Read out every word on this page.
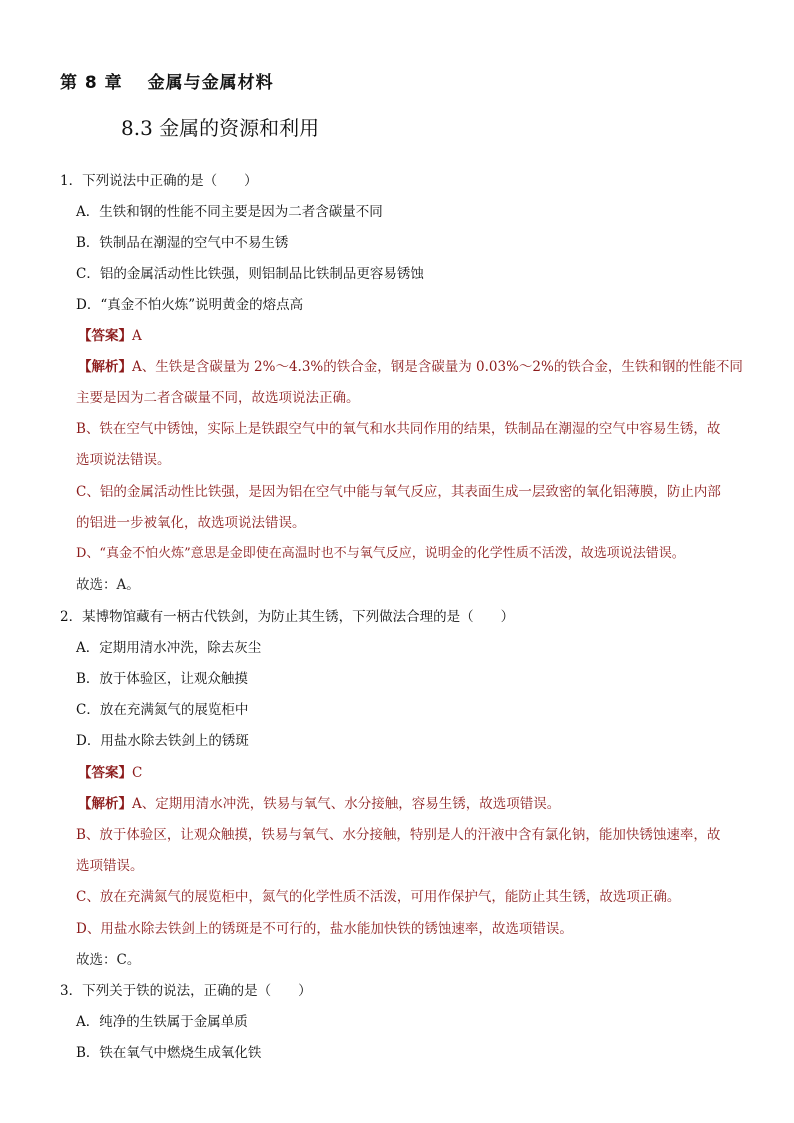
第 8 章　 金属与金属材料
8.3 金属的资源和利用
1．下列说法中正确的是（　　）
A．生铁和钢的性能不同主要是因为二者含碳量不同
B．铁制品在潮湿的空气中不易生锈
C．铝的金属活动性比铁强，则铝制品比铁制品更容易锈蚀
D．“真金不怕火炼”说明黄金的熔点高
【答案】A
【解析】A、生铁是含碳量为 2%～4.3%的铁合金，钢是含碳量为 0.03%～2%的铁合金，生铁和钢的性能不同
主要是因为二者含碳量不同，故选项说法正确。
B、铁在空气中锈蚀，实际上是铁跟空气中的氧气和水共同作用的结果，铁制品在潮湿的空气中容易生锈，故
选项说法错误。
C、铝的金属活动性比铁强，是因为铝在空气中能与氧气反应，其表面生成一层致密的氧化铝薄膜，防止内部
的铝进一步被氧化，故选项说法错误。
D、“真金不怕火炼”意思是金即使在高温时也不与氧气反应，说明金的化学性质不活泼，故选项说法错误。
故选：A。
2．某博物馆藏有一柄古代铁剑，为防止其生锈，下列做法合理的是（　　）
A．定期用清水冲洗，除去灰尘
B．放于体验区，让观众触摸
C．放在充满氮气的展览柜中
D．用盐水除去铁剑上的锈斑
【答案】C
【解析】A、定期用清水冲洗，铁易与氧气、水分接触，容易生锈，故选项错误。
B、放于体验区，让观众触摸，铁易与氧气、水分接触，特别是人的汗液中含有氯化钠，能加快锈蚀速率，故
选项错误。
C、放在充满氮气的展览柜中，氮气的化学性质不活泼，可用作保护气，能防止其生锈，故选项正确。
D、用盐水除去铁剑上的锈斑是不可行的，盐水能加快铁的锈蚀速率，故选项错误。
故选：C。
3．下列关于铁的说法，正确的是（　　）
A．纯净的生铁属于金属单质
B．铁在氧气中燃烧生成氧化铁
